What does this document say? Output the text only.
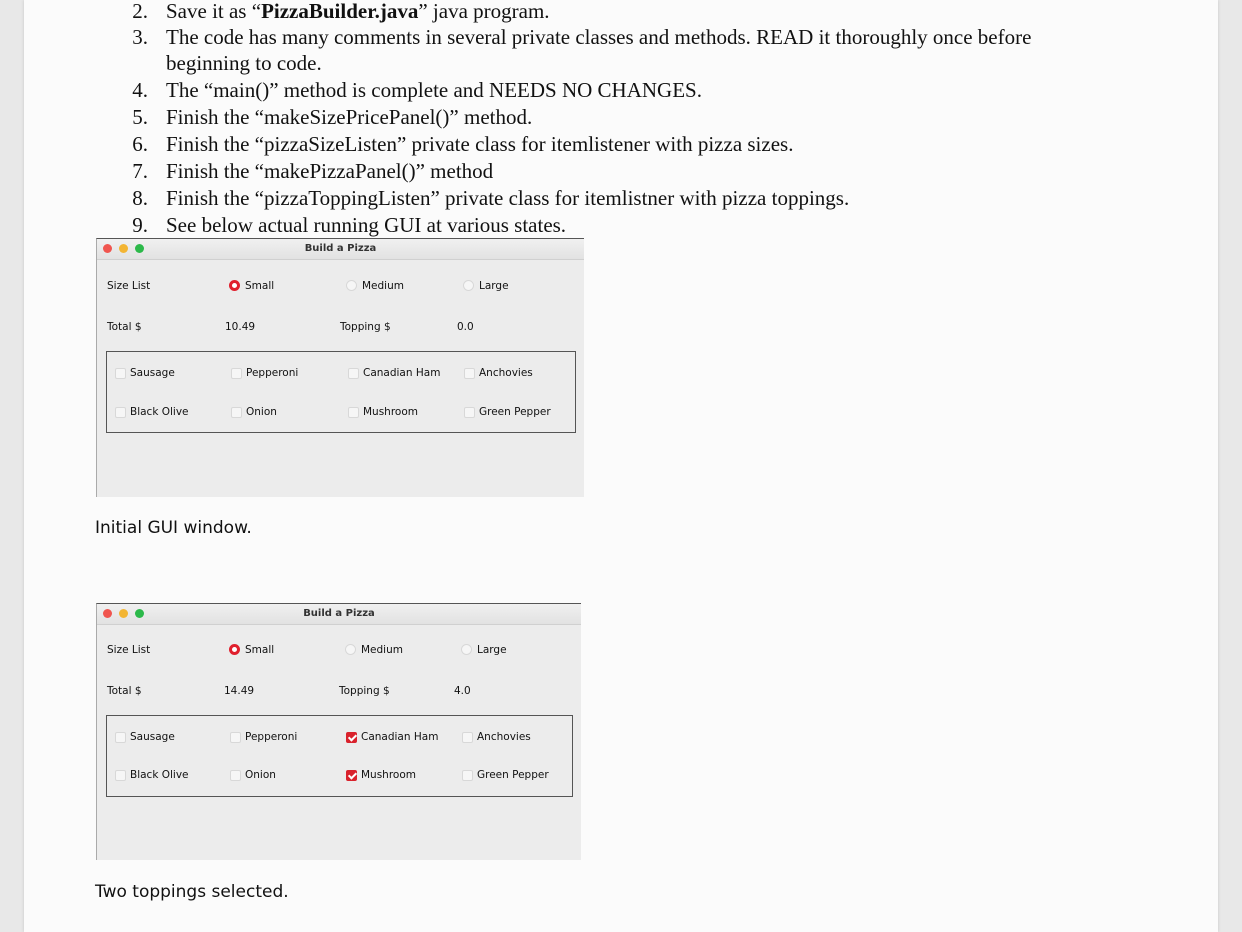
2. Save it as “PizzaBuilder.java” java program.
3. The code has many comments in several private classes and methods. READ it thoroughly once before
beginning to code.
4. The “main()” method is complete and NEEDS NO CHANGES.
5. Finish the “makeSizePricePanel()” method.
6. Finish the “pizzaSizeListen” private class for itemlistener with pizza sizes.
7. Finish the “makePizzaPanel()” method
8. Finish the “pizzaToppingListen” private class for itemlistner with pizza toppings.
9. See below actual running GUI at various states.
Build a Pizza
Size List	Small	Medium	Large
Total $	10.49	Topping $	0.0
Sausage	Pepperoni	Canadian Ham	Anchovies
Black Olive	Onion	Mushroom	Green Pepper
Initial GUI window.
Build a Pizza
Size List	Small	Medium	Large
Total $	14.49	Topping $	4.0
Sausage	Pepperoni	Canadian Ham	Anchovies
Black Olive	Onion	Mushroom	Green Pepper
Two toppings selected.
